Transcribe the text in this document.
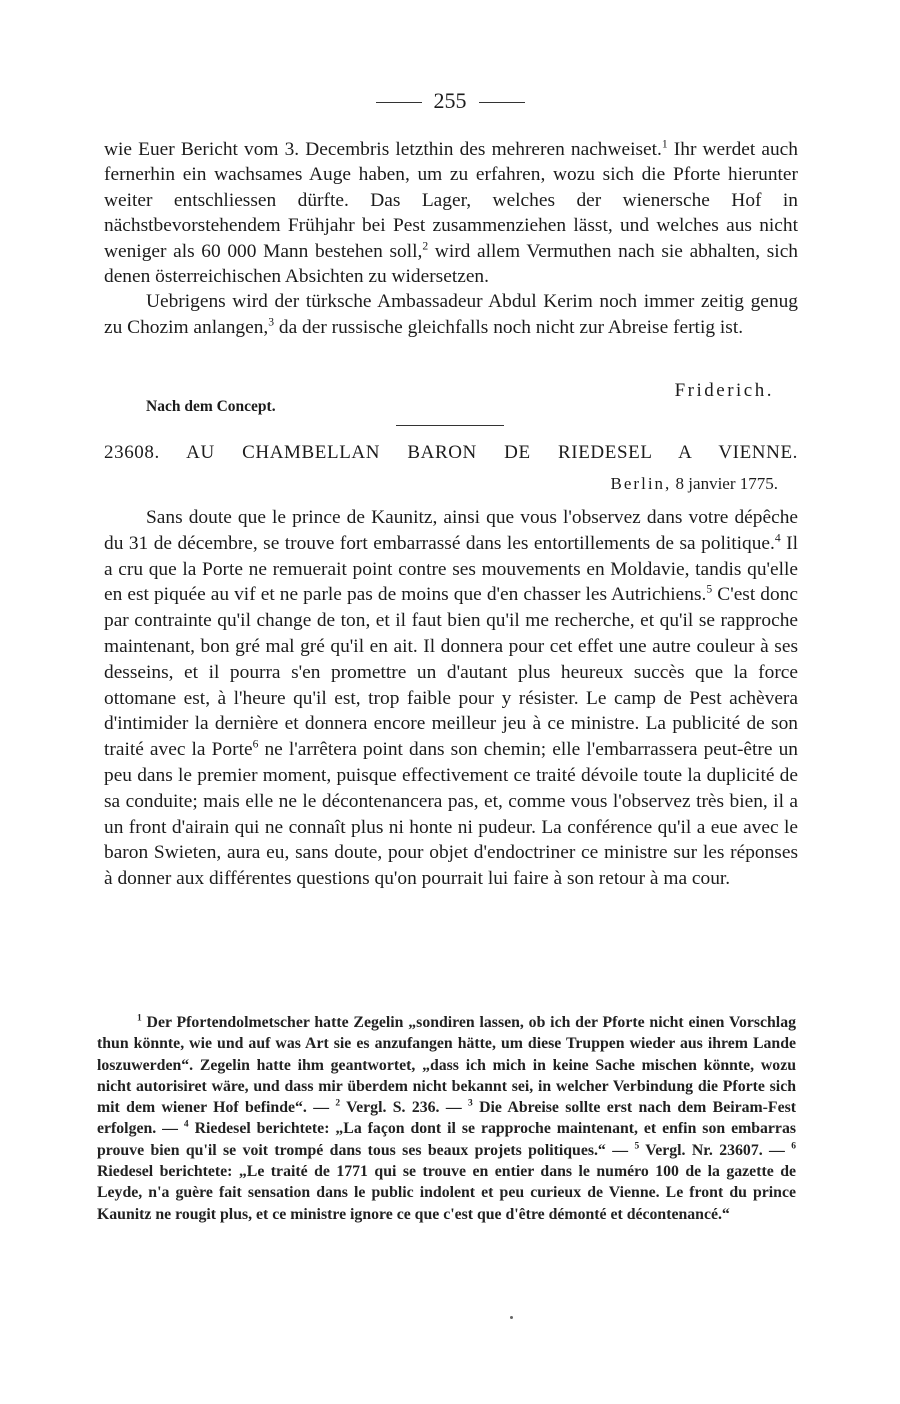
255

wie Euer Bericht vom 3. Decembris letzthin des mehreren nachweiset.$^1$ Ihr werdet auch fernerhin ein wachsames Auge haben, um zu erfahren, wozu sich die Pforte hierunter weiter entschliessen dürfte. Das Lager, welches der wienersche Hof in nächstbevorstehendem Frühjahr bei Pest zusammenziehen lässt, und welches aus nicht weniger als 60 000 Mann bestehen soll,$^2$ wird allem Vermuthen nach sie abhalten, sich denen österreichischen Absichten zu widersetzen.

Uebrigens wird der türksche Ambassadeur Abdul Kerim noch immer zeitig genug zu Chozim anlangen,$^3$ da der russische gleichfalls noch nicht zur Abreise fertig ist.

Friderich.
Nach dem Concept.
23608. AU CHAMBELLAN BARON DE RIEDESEL A VIENNE.
Berlin, 8 janvier 1775.

Sans doute que le prince de Kaunitz, ainsi que vous l'observez dans votre dépêche du 31 de décembre, se trouve fort embarrassé dans les entortillements de sa politique.$^4$ Il a cru que la Porte ne remuerait point contre ses mouvements en Moldavie, tandis qu'elle en est piquée au vif et ne parle pas de moins que d'en chasser les Autrichiens.$^5$ C'est donc par contrainte qu'il change de ton, et il faut bien qu'il me recherche, et qu'il se rapproche maintenant, bon gré mal gré qu'il en ait. Il donnera pour cet effet une autre couleur à ses desseins, et il pourra s'en promettre un d'autant plus heureux succès que la force ottomane est, à l'heure qu'il est, trop faible pour y résister. Le camp de Pest achèvera d'intimider la dernière et donnera encore meilleur jeu à ce ministre. La publicité de son traité avec la Porte$^6$ ne l'arrêtera point dans son chemin; elle l'embarrassera peut-être un peu dans le premier moment, puisque effectivement ce traité dévoile toute la duplicité de sa conduite; mais elle ne le décontenancera pas, et, comme vous l'observez très bien, il a un front d'airain qui ne connaît plus ni honte ni pudeur. La conférence qu'il a eue avec le baron Swieten, aura eu, sans doute, pour objet d'endoctriner ce ministre sur les réponses à donner aux différentes questions qu'on pourrait lui faire à son retour à ma cour.

$^1$ Der Pfortendolmetscher hatte Zegelin „sondiren lassen, ob ich der Pforte nicht einen Vorschlag thun könnte, wie und auf was Art sie es anzufangen hätte, um diese Truppen wieder aus ihrem Lande loszuwerden“. Zegelin hatte ihm geantwortet, „dass ich mich in keine Sache mischen könnte, wozu nicht autorisiret wäre, und dass mir überdem nicht bekannt sei, in welcher Verbindung die Pforte sich mit dem wiener Hof befinde“. — $^2$ Vergl. S. 236. — $^3$ Die Abreise sollte erst nach dem Beiram-Fest erfolgen. — $^4$ Riedesel berichtete: „La façon dont il se rapproche maintenant, et enfin son embarras prouve bien qu'il se voit trompé dans tous ses beaux projets politiques.“ — $^5$ Vergl. Nr. 23607. — $^6$ Riedesel berichtete: „Le traité de 1771 qui se trouve en entier dans le numéro 100 de la gazette de Leyde, n'a guère fait sensation dans le public indolent et peu curieux de Vienne. Le front du prince Kaunitz ne rougit plus, et ce ministre ignore ce que c'est que d'être démonté et décontenancé.“
